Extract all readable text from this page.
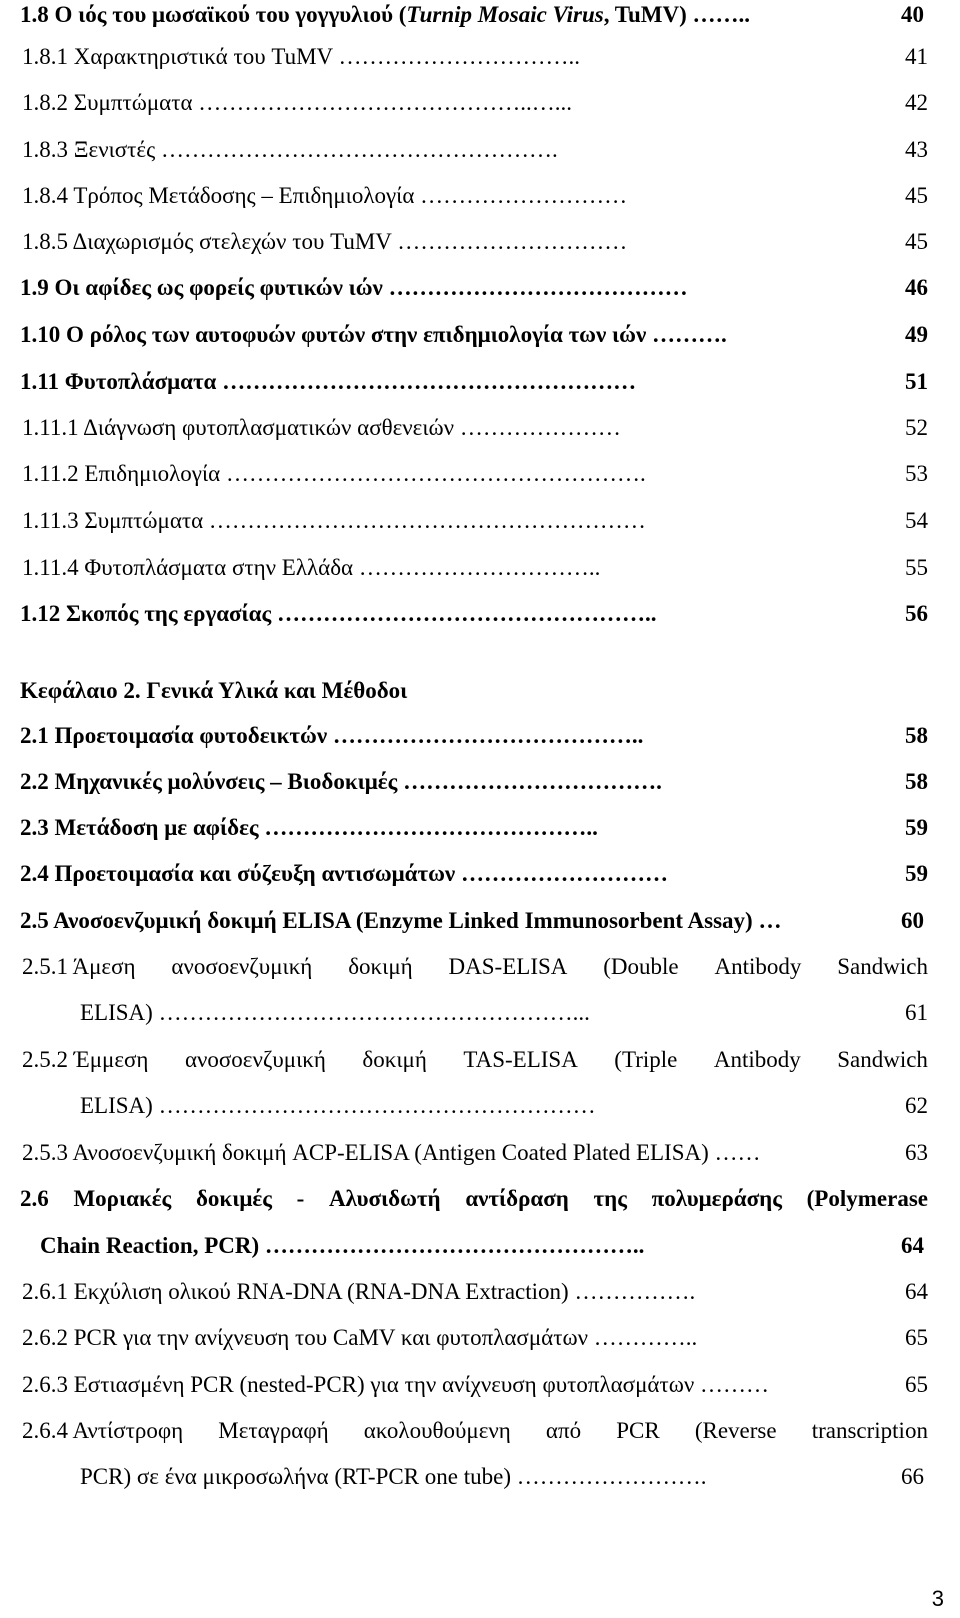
1.8 Ο ιός του μωσαϊκού του γογγυλιού (Turnip Mosaic Virus, TuMV) ……..	40
1.8.1 Χαρακτηριστικά του TuMV …………………………..	41
1.8.2 Συμπτώματα ……………………………………..…...	42
1.8.3 Ξενιστές …………………………………………….	43
1.8.4 Τρόπος Μετάδοσης – Επιδημιολογία ………………………	45
1.8.5 Διαχωρισμός στελεχών του TuMV …………………………	45
1.9 Οι αφίδες ως φορείς φυτικών ιών …………………………………	46
1.10 Ο ρόλος των αυτοφυών φυτών στην επιδημιολογία των ιών ……….	49
1.11 Φυτοπλάσματα ………………………………………………	51
1.11.1 Διάγνωση φυτοπλασματικών ασθενειών …………………	52
1.11.2 Επιδημιολογία ……………………………………………….	53
1.11.3 Συμπτώματα …………………………………………………	54
1.11.4 Φυτοπλάσματα στην Ελλάδα …………………………..	55
1.12 Σκοπός της εργασίας …………………………………………..	56
Κεφάλαιο 2. Γενικά Υλικά και Μέθοδοι
2.1 Προετοιμασία φυτοδεικτών …………………………………..	58
2.2 Μηχανικές μολύνσεις – Βιοδοκιμές …………………………….	58
2.3 Μετάδοση με αφίδες ……………………………………..	59
2.4 Προετοιμασία και σύζευξη αντισωμάτων ………………………	59
2.5 Ανοσοενζυμική δοκιμή ELISA (Enzyme Linked Immunosorbent Assay) …	60
2.5.1 Άμεση ανοσοενζυμική δοκιμή DAS-ELISA (Double Antibody Sandwich
ELISA) ………………………………………………...	61
2.5.2 Έμμεση ανοσοενζυμική δοκιμή TAS-ELISA (Triple Antibody Sandwich
ELISA) …………………………………………………	62
2.5.3 Ανοσοενζυμική δοκιμή ACP-ELISA (Antigen Coated Plated ELISA) ……	63
2.6 Μοριακές δοκιμές - Αλυσιδωτή αντίδραση της πολυμεράσης (Polymerase
Chain Reaction, PCR) …………………………………………..	64
2.6.1 Εκχύλιση ολικού RNA-DNA (RNA-DNA Extraction) …………….	64
2.6.2 PCR για την ανίχνευση του CaMV και φυτοπλασμάτων …………..	65
2.6.3 Εστιασμένη PCR (nested-PCR) για την ανίχνευση φυτοπλασμάτων ………	65
2.6.4 Αντίστροφη Μεταγραφή ακολουθούμενη από PCR (Reverse transcription
PCR) σε ένα μικροσωλήνα (RT-PCR one tube) …………………….	66
3
